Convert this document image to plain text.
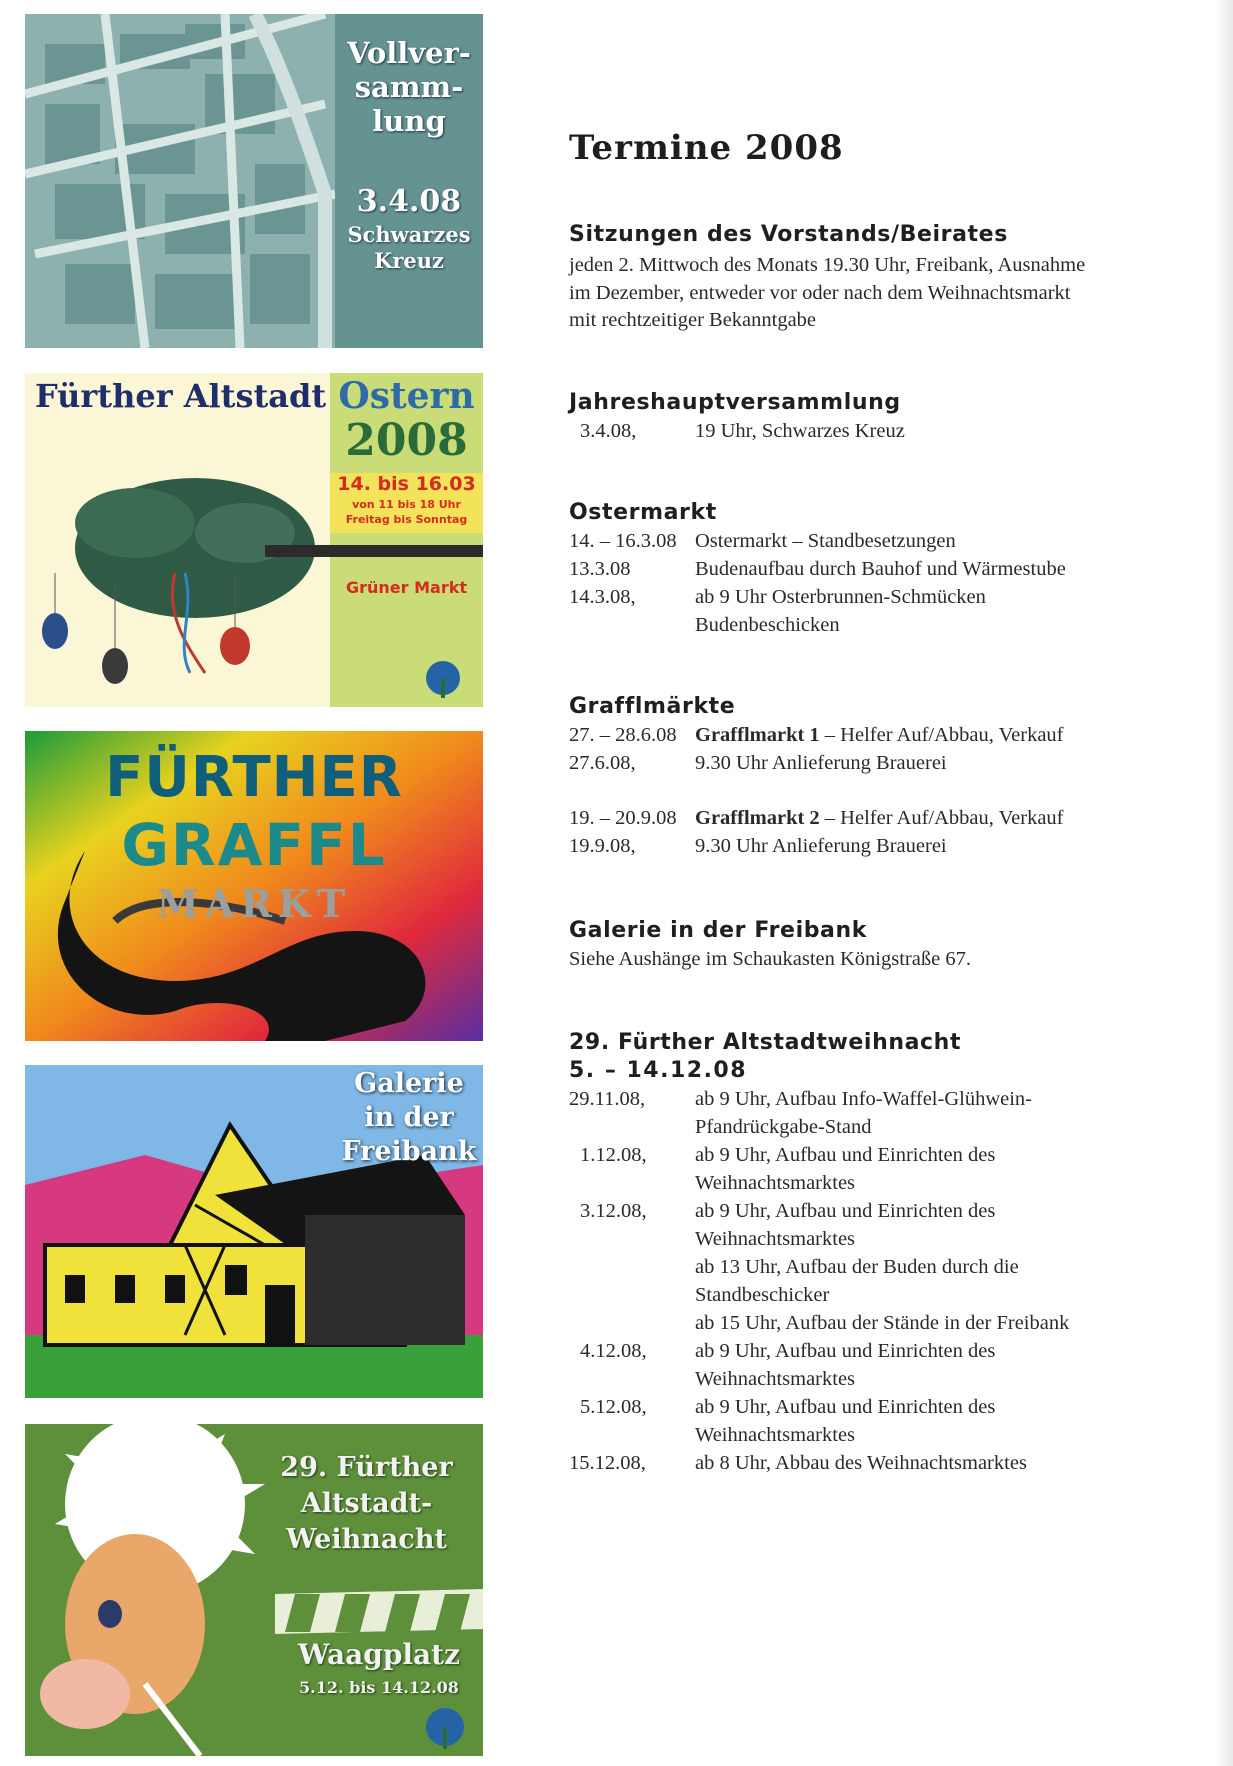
Vollver-
samm-
lung
3.4.08
Schwarzes
Kreuz
Fürther Altstadt Ostern
2008
14. bis 16.03
von 11 bis 18 Uhr
Freitag bis Sonntag
Grüner Markt
FÜRTHER
GRAFFL
MARKT
Galerie
in der
Freibank
29. Fürther
Altstadt-
Weihnacht
Waagplatz
5.12. bis 14.12.08
Termine 2008
Sitzungen des Vorstands/Beirates
jeden 2. Mittwoch des Monats 19.30 Uhr, Freibank, Ausnahme
im Dezember, entweder vor oder nach dem Weihnachtsmarkt
mit rechtzeitiger Bekanntgabe
Jahreshauptversammlung
3.4.08,	19 Uhr, Schwarzes Kreuz
Ostermarkt
14. – 16.3.08 Ostermarkt – Standbesetzungen
13.3.08	Budenaufbau durch Bauhof und Wärmestube
14.3.08,	ab 9 Uhr Osterbrunnen-Schmücken
Budenbeschicken
Grafflmärkte
27. – 28.6.08 Grafflmarkt 1 – Helfer Auf/Abbau, Verkauf
27.6.08,	9.30 Uhr Anlieferung Brauerei
19. – 20.9.08 Grafflmarkt 2 – Helfer Auf/Abbau, Verkauf
19.9.08,	9.30 Uhr Anlieferung Brauerei
Galerie in der Freibank
Siehe Aushänge im Schaukasten Königstraße 67.
29. Fürther Altstadtweihnacht
5. – 14.12.08
29.11.08, ab 9 Uhr, Aufbau Info-Waffel-Glühwein-
Pfandrückgabe-Stand
1.12.08, ab 9 Uhr, Aufbau und Einrichten des
Weihnachtsmarktes
3.12.08, ab 9 Uhr, Aufbau und Einrichten des
Weihnachtsmarktes
ab 13 Uhr, Aufbau der Buden durch die
Standbeschicker
ab 15 Uhr, Aufbau der Stände in der Freibank
4.12.08, ab 9 Uhr, Aufbau und Einrichten des
Weihnachtsmarktes
5.12.08, ab 9 Uhr, Aufbau und Einrichten des
Weihnachtsmarktes
15.12.08, ab 8 Uhr, Abbau des Weihnachtsmarktes
